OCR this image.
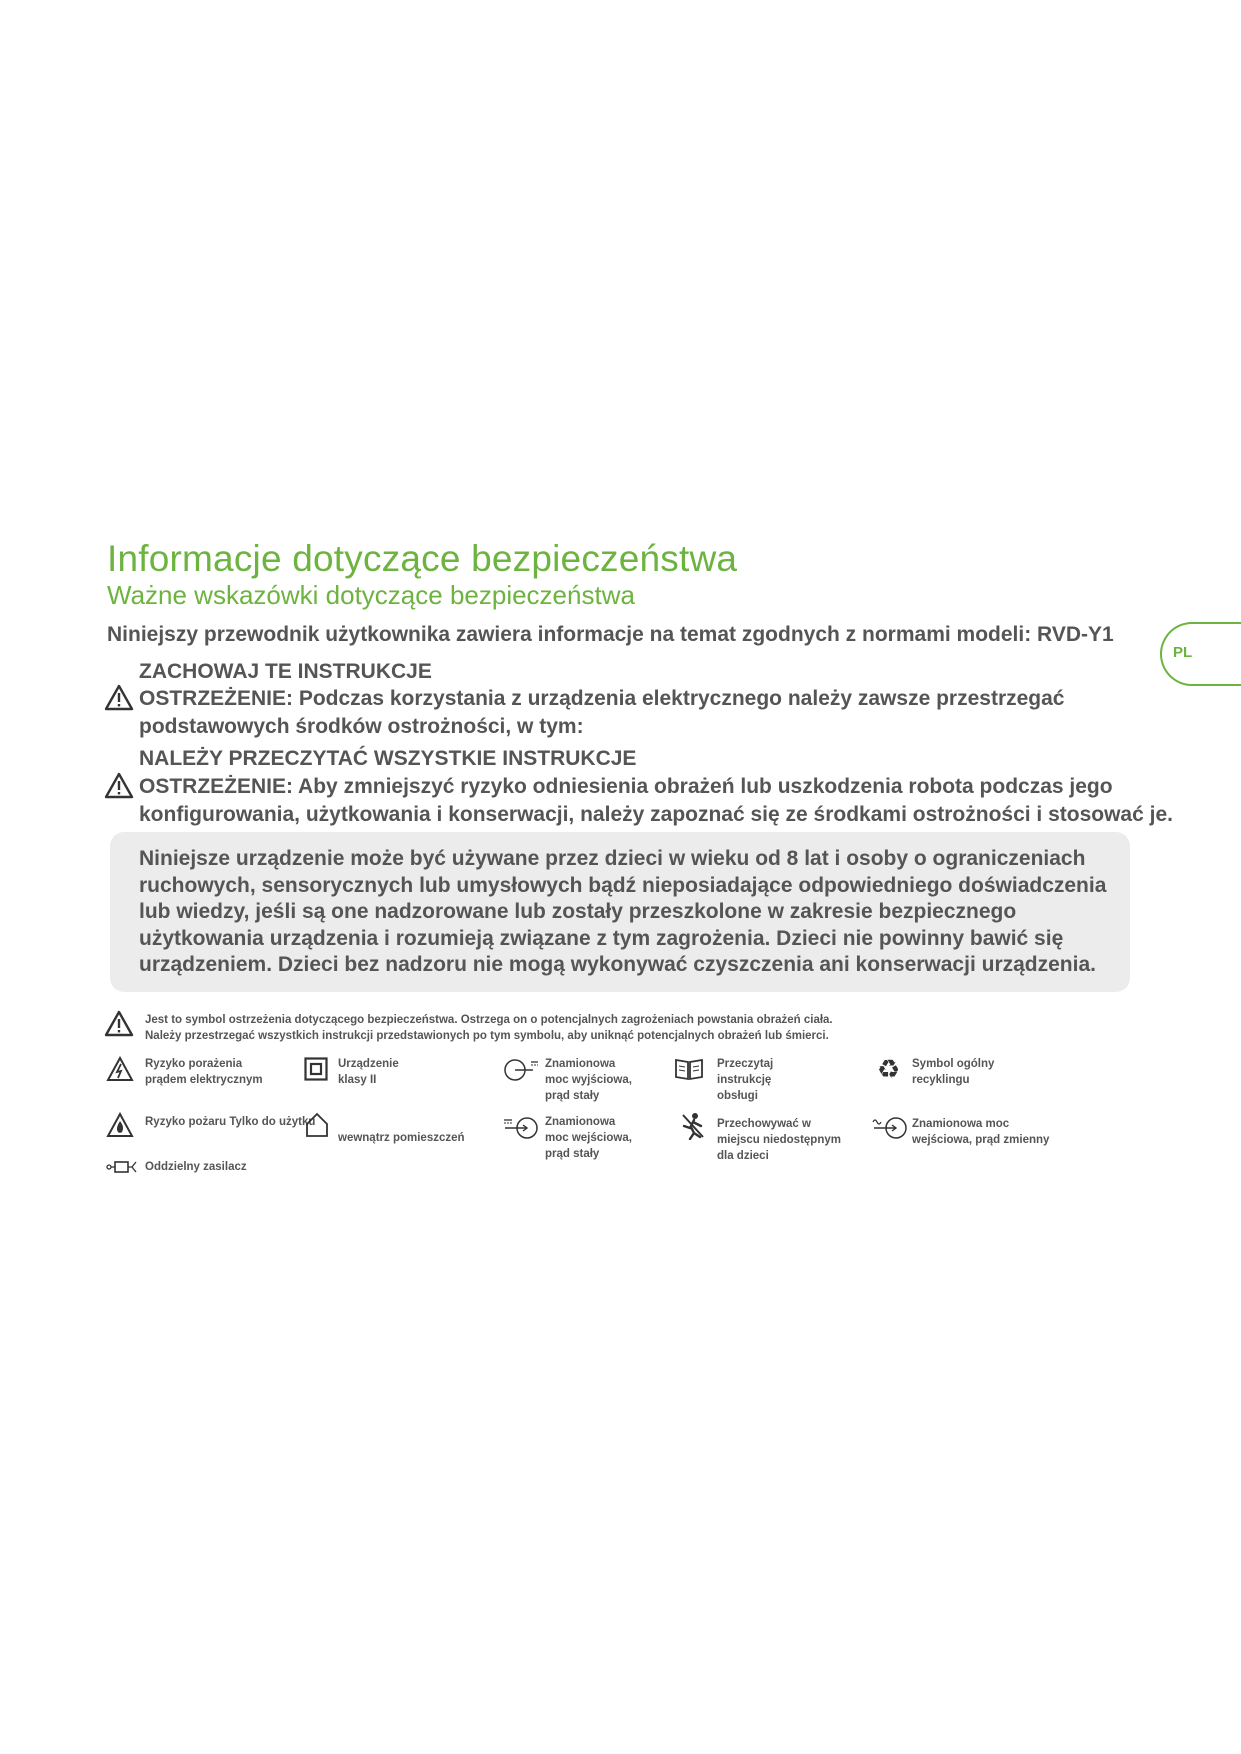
Informacje dotyczące bezpieczeństwa
Ważne wskazówki dotyczące bezpieczeństwa
Niniejszy przewodnik użytkownika zawiera informacje na temat zgodnych z normami modeli: RVD-Y1
PL
ZACHOWAJ TE INSTRUKCJE
OSTRZEŻENIE: Podczas korzystania z urządzenia elektrycznego należy zawsze przestrzegać
podstawowych środków ostrożności, w tym:
NALEŻY PRZECZYTAĆ WSZYSTKIE INSTRUKCJE
OSTRZEŻENIE: Aby zmniejszyć ryzyko odniesienia obrażeń lub uszkodzenia robota podczas jego
konfigurowania, użytkowania i konserwacji, należy zapoznać się ze środkami ostrożności i stosować je.
Niniejsze urządzenie może być używane przez dzieci w wieku od 8 lat i osoby o ograniczeniach
ruchowych, sensorycznych lub umysłowych bądź nieposiadające odpowiedniego doświadczenia
lub wiedzy, jeśli są one nadzorowane lub zostały przeszkolone w zakresie bezpiecznego
użytkowania urządzenia i rozumieją związane z tym zagrożenia. Dzieci nie powinny bawić się
urządzeniem. Dzieci bez nadzoru nie mogą wykonywać czyszczenia ani konserwacji urządzenia.
Jest to symbol ostrzeżenia dotyczącego bezpieczeństwa. Ostrzega on o potencjalnych zagrożeniach powstania obrażeń ciała.
Należy przestrzegać wszystkich instrukcji przedstawionych po tym symbolu, aby uniknąć potencjalnych obrażeń lub śmierci.
Ryzyko porażenia
prądem elektrycznym
Urządzenie
klasy II
Znamionowa
moc wyjściowa,
prąd stały
Przeczytaj
instrukcję
obsługi
♻ Symbol ogólny
recyklingu
Ryzyko pożaru Tylko do użytku
wewnątrz pomieszczeń
Znamionowa
moc wejściowa,
prąd stały
Przechowywać w
miejscu niedostępnym
dla dzieci
Znamionowa moc
wejściowa, prąd zmienny
Oddzielny zasilacz
